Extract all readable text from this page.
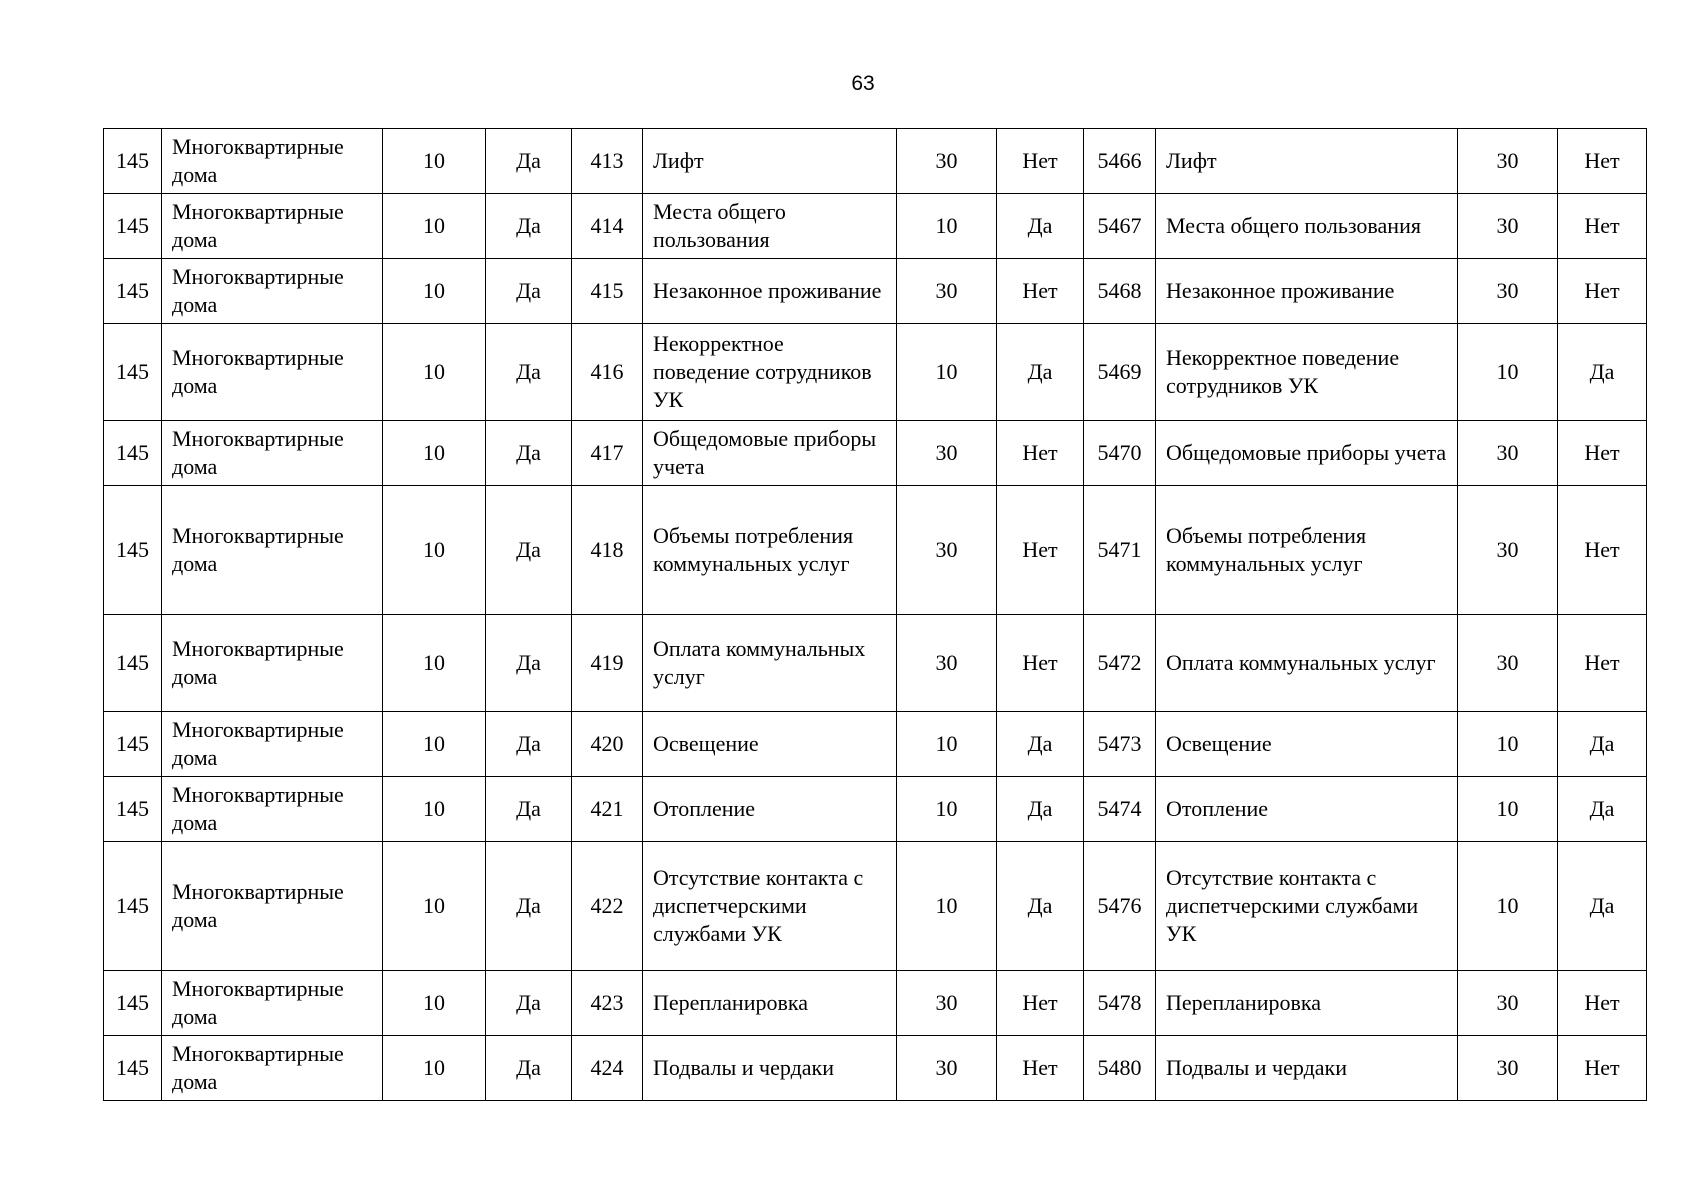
63
145	Многоквартирные дома	10	Да	413	Лифт	30	Нет	5466	Лифт	30	Нет
145	Многоквартирные дома	10	Да	414	Места общего пользования	10	Да	5467	Места общего пользования	30	Нет
145	Многоквартирные дома	10	Да	415	Незаконное проживание	30	Нет	5468	Незаконное проживание	30	Нет
145	Многоквартирные дома	10	Да	416	Некорректное поведение сотрудников УК	10	Да	5469	Некорректное поведение сотрудников УК	10	Да
145	Многоквартирные дома	10	Да	417	Общедомовые приборы учета	30	Нет	5470	Общедомовые приборы учета	30	Нет
145	Многоквартирные дома	10	Да	418	Объемы потребления коммунальных услуг	30	Нет	5471	Объемы потребления коммунальных услуг	30	Нет
145	Многоквартирные дома	10	Да	419	Оплата коммунальных услуг	30	Нет	5472	Оплата коммунальных услуг	30	Нет
145	Многоквартирные дома	10	Да	420	Освещение	10	Да	5473	Освещение	10	Да
145	Многоквартирные дома	10	Да	421	Отопление	10	Да	5474	Отопление	10	Да
145	Многоквартирные дома	10	Да	422	Отсутствие контакта с диспетчерскими службами УК	10	Да	5476	Отсутствие контакта с диспетчерскими службами УК	10	Да
145	Многоквартирные дома	10	Да	423	Перепланировка	30	Нет	5478	Перепланировка	30	Нет
145	Многоквартирные дома	10	Да	424	Подвалы и чердаки	30	Нет	5480	Подвалы и чердаки	30	Нет
